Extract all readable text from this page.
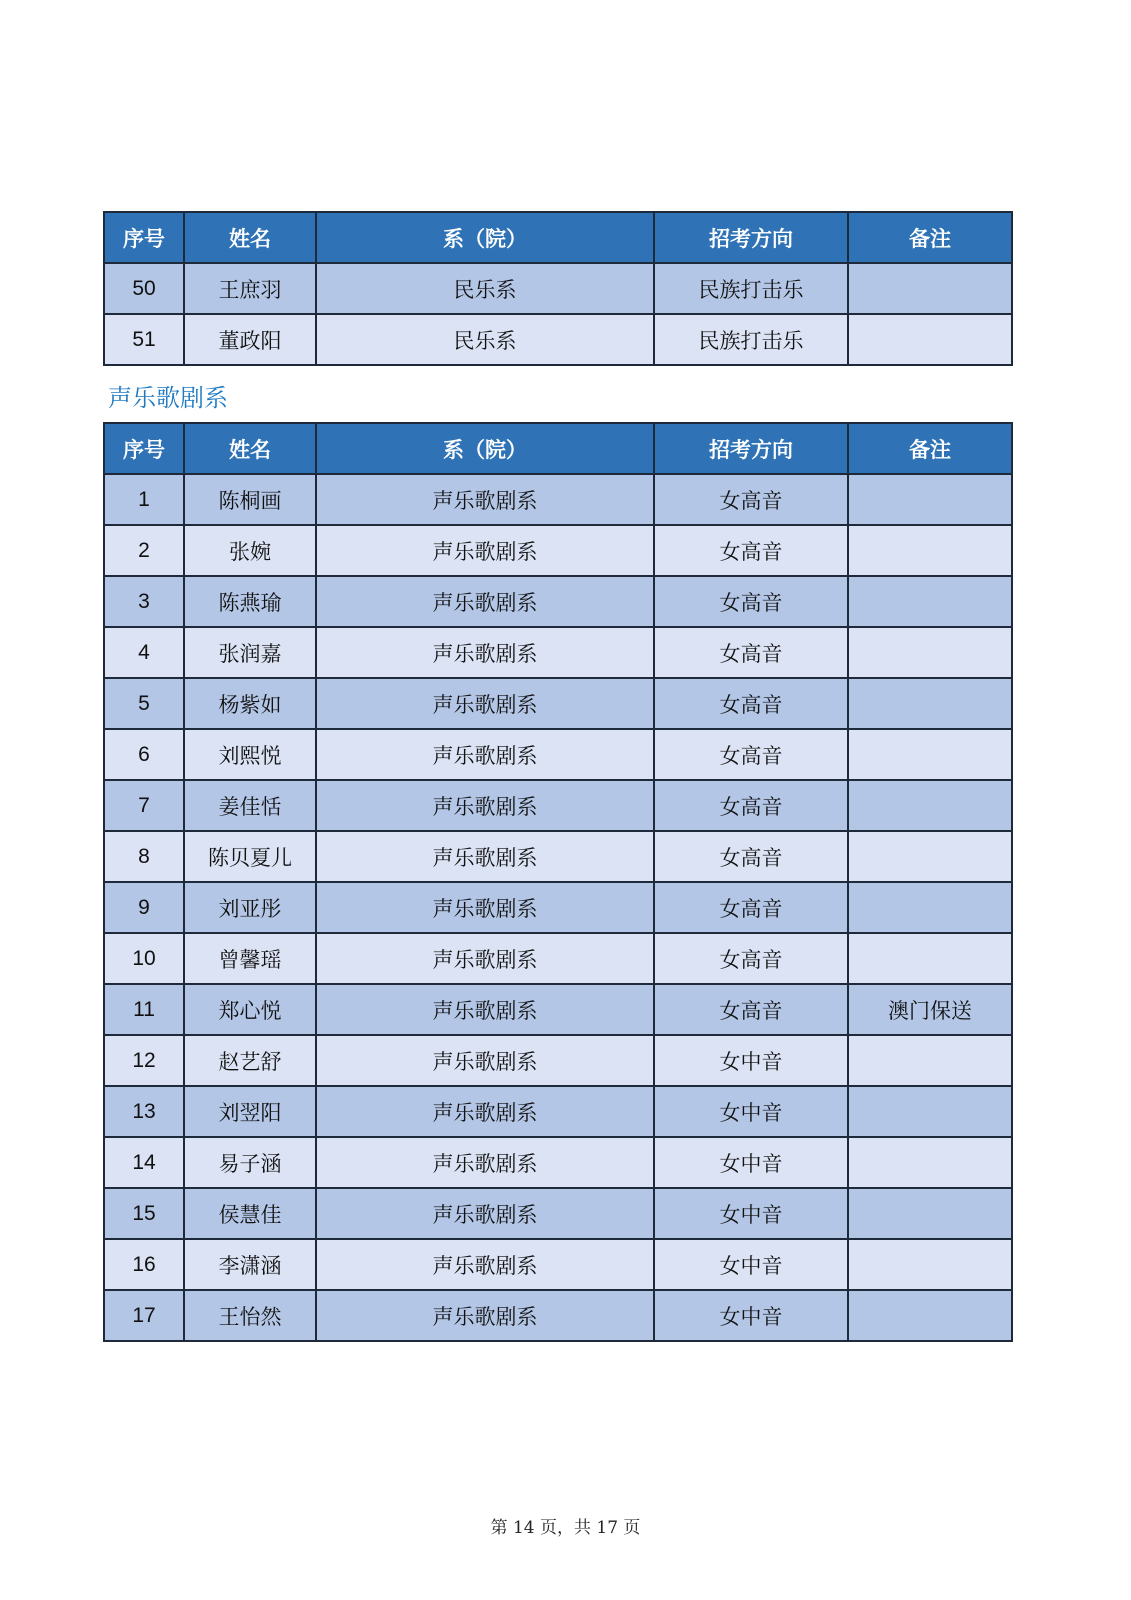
序号	姓名	系（院）	招考方向	备注
50	王庶羽	民乐系	民族打击乐	
51	董政阳	民乐系	民族打击乐	
声乐歌剧系
序号	姓名	系（院）	招考方向	备注
1	陈桐画	声乐歌剧系	女高音	
2	张婉	声乐歌剧系	女高音	
3	陈燕瑜	声乐歌剧系	女高音	
4	张润嘉	声乐歌剧系	女高音	
5	杨紫如	声乐歌剧系	女高音	
6	刘熙悦	声乐歌剧系	女高音	
7	姜佳恬	声乐歌剧系	女高音	
8	陈贝夏儿	声乐歌剧系	女高音	
9	刘亚彤	声乐歌剧系	女高音	
10	曾馨瑶	声乐歌剧系	女高音	
11	郑心悦	声乐歌剧系	女高音	澳门保送
12	赵艺舒	声乐歌剧系	女中音	
13	刘翌阳	声乐歌剧系	女中音	
14	易子涵	声乐歌剧系	女中音	
15	侯慧佳	声乐歌剧系	女中音	
16	李潇涵	声乐歌剧系	女中音	
17	王怡然	声乐歌剧系	女中音	
第 14 页，共 17 页
